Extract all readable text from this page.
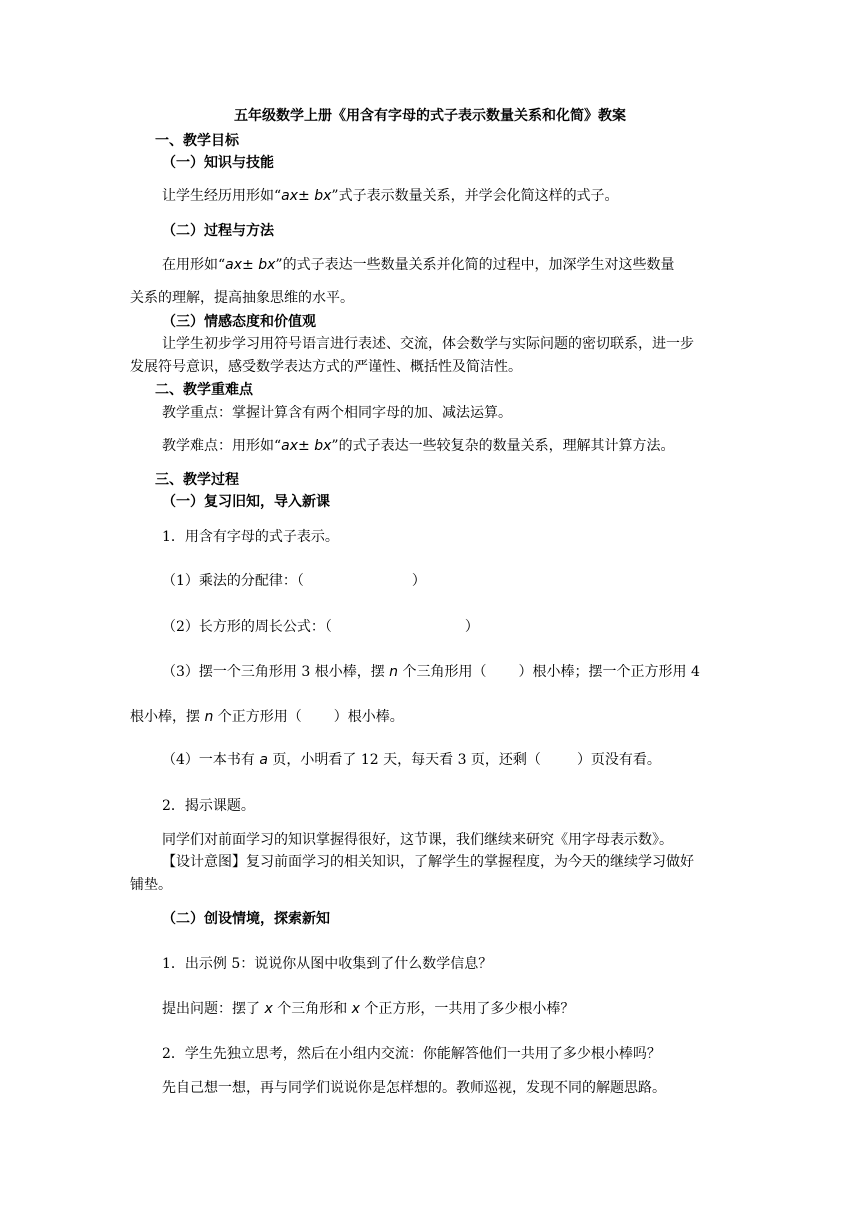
五年级数学上册《用含有字母的式子表示数量关系和化简》教案
一、教学目标
（一）知识与技能
让学生经历用形如“ax± bx”式子表示数量关系，并学会化简这样的式子。
（二）过程与方法
在用形如“ax± bx”的式子表达一些数量关系并化简的过程中，加深学生对这些数量
关系的理解，提高抽象思维的水平。
（三）情感态度和价值观
让学生初步学习用符号语言进行表述、交流，体会数学与实际问题的密切联系，进一步
发展符号意识，感受数学表达方式的严谨性、概括性及简洁性。
二、教学重难点
教学重点：掌握计算含有两个相同字母的加、减法运算。
教学难点：用形如“ax± bx”的式子表达一些较复杂的数量关系，理解其计算方法。
三、教学过程
（一）复习旧知，导入新课
1．用含有字母的式子表示。
（1）乘法的分配律：（	）
（2）长方形的周长公式：（	）
（3）摆一个三角形用 3 根小棒，摆 n 个三角形用（ ）根小棒；摆一个正方形用 4
根小棒，摆 n 个正方形用（ ）根小棒。
（4）一本书有 a 页，小明看了 12 天，每天看 3 页，还剩（	）页没有看。
2．揭示课题。
同学们对前面学习的知识掌握得很好，这节课，我们继续来研究《用字母表示数》。
【设计意图】复习前面学习的相关知识，了解学生的掌握程度，为今天的继续学习做好
铺垫。
（二）创设情境，探索新知
1．出示例 5：说说你从图中收集到了什么数学信息？
提出问题：摆了 x 个三角形和 x 个正方形，一共用了多少根小棒？
2．学生先独立思考，然后在小组内交流：你能解答他们一共用了多少根小棒吗？
先自己想一想，再与同学们说说你是怎样想的。教师巡视，发现不同的解题思路。
